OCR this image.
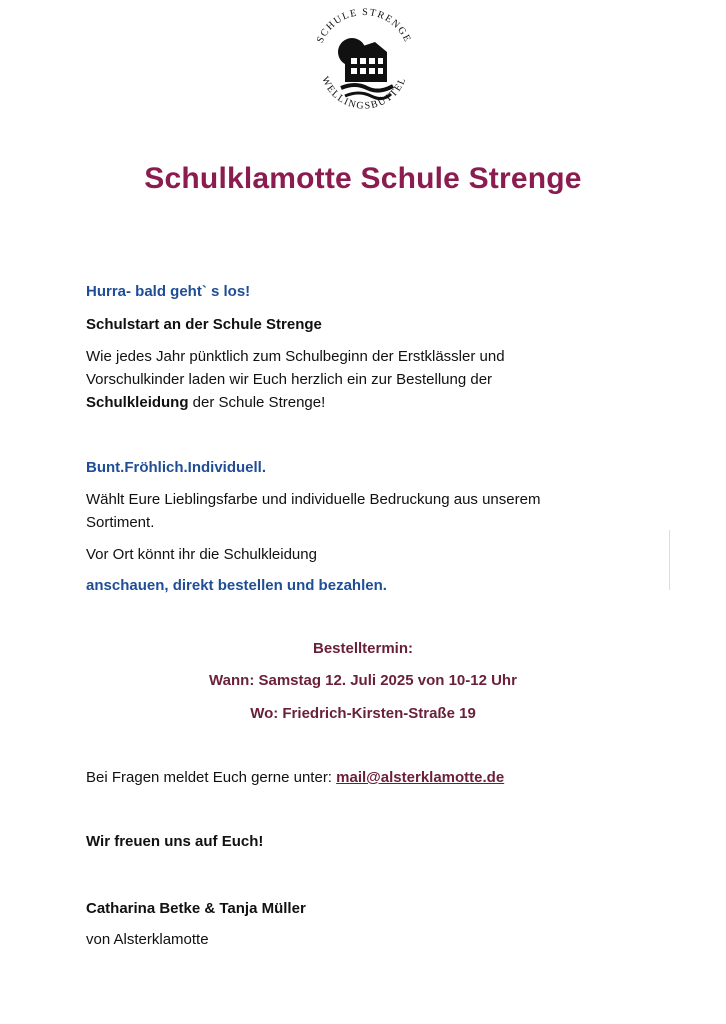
SCHULE STRENGE
WELLINGSBÜTTEL
Schulklamotte Schule Strenge
Hurra- bald geht` s los!
Schulstart an der Schule Strenge
Wie jedes Jahr pünktlich zum Schulbeginn der Erstklässler und
Vorschulkinder laden wir Euch herzlich ein zur Bestellung der
Schulkleidung der Schule Strenge!
Bunt.Fröhlich.Individuell.
Wählt Eure Lieblingsfarbe und individuelle Bedruckung aus unserem
Sortiment.
Vor Ort könnt ihr die Schulkleidung
anschauen, direkt bestellen und bezahlen.
Bestelltermin:
Wann: Samstag 12. Juli 2025 von 10-12 Uhr
Wo: Friedrich-Kirsten-Straße 19
Bei Fragen meldet Euch gerne unter: mail@alsterklamotte.de
Wir freuen uns auf Euch!
Catharina Betke & Tanja Müller
von Alsterklamotte
